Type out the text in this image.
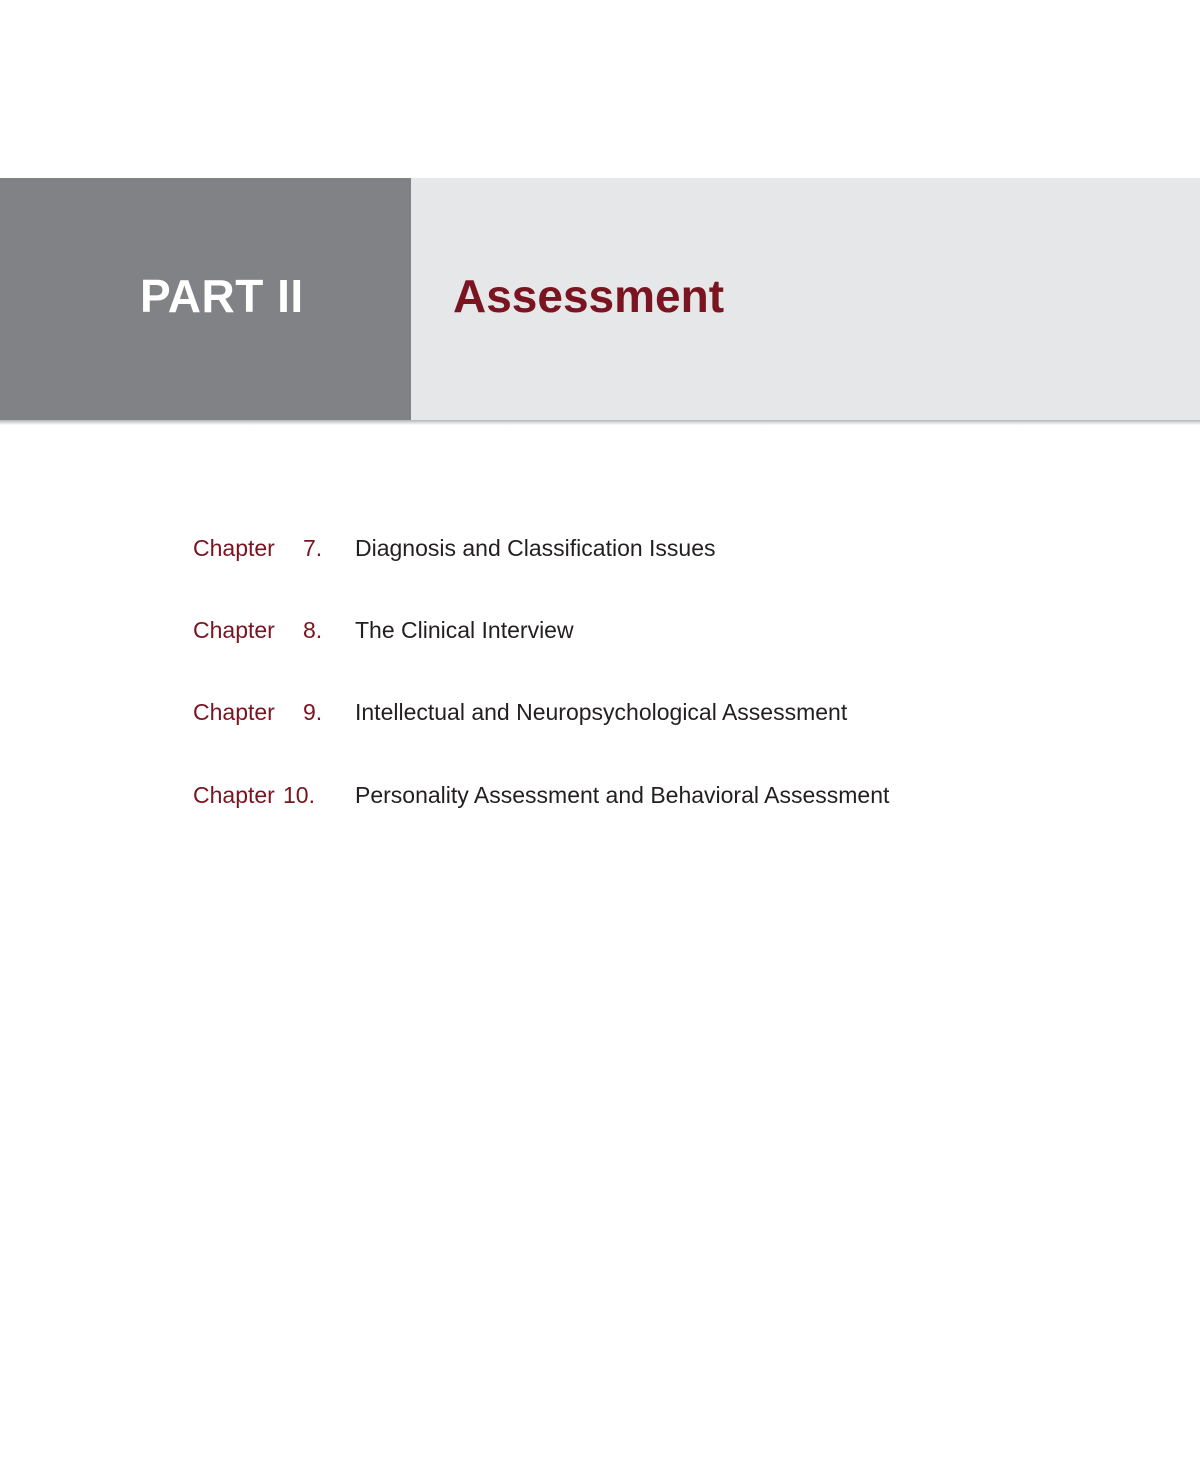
PART II	Assessment
Chapter 7. Diagnosis and Classification Issues
Chapter 8. The Clinical Interview
Chapter 9. Intellectual and Neuropsychological Assessment
Chapter 10. Personality Assessment and Behavioral Assessment
